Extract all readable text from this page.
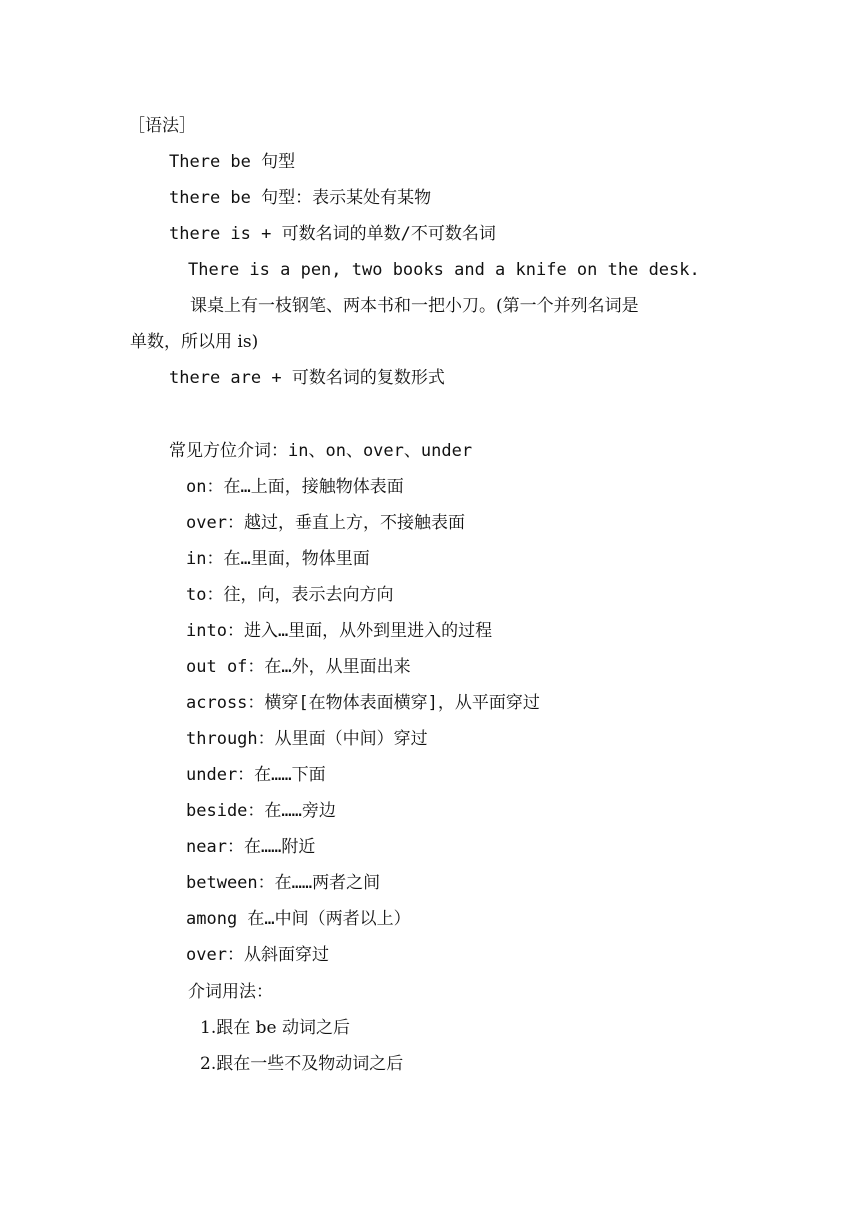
［语法］
There be 句型
there be 句型：表示某处有某物
there is + 可数名词的单数/不可数名词
There is a pen, two books and a knife on the desk.
课桌上有一枝钢笔、两本书和一把小刀。(第一个并列名词是
单数，所以用 is)
there are + 可数名词的复数形式
常见方位介词：in、on、over、under
on：在…上面，接触物体表面
over：越过，垂直上方，不接触表面
in：在…里面，物体里面
to：往，向，表示去向方向
into：进入…里面，从外到里进入的过程
out of：在…外，从里面出来
across：横穿[在物体表面横穿]，从平面穿过
through：从里面（中间）穿过
under：在……下面
beside：在……旁边
near：在……附近
between：在……两者之间
among 在…中间（两者以上）
over：从斜面穿过
介词用法：
1.跟在 be 动词之后
2.跟在一些不及物动词之后
